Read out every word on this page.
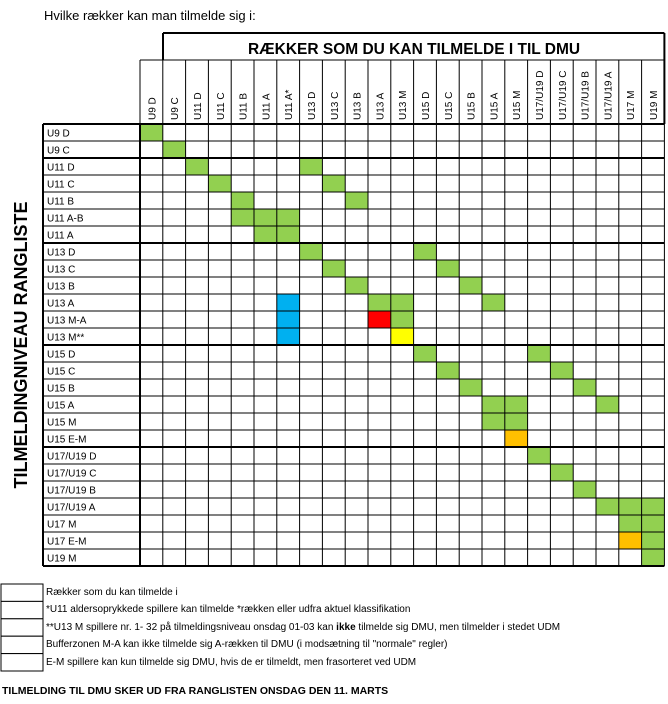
Hvilke rækker kan man tilmelde sig i:
RÆKKER SOM DU KAN TILMELDE I TIL DMU
TILMELDINGNIVEAU RANGLISTE
U9 D U9 C U11 D U11 C U11 B U11 A U11 A* U13 D U13 C U13 B U13 A U13 M U15 D U15 C U15 B U15 A U15 M U17/U19 D U17/U19 C U17/U19 B U17/U19 A U17 M U19 M
U9 D
U9 C
U11 D
U11 C
U11 B
U11 A-B
U11 A
U13 D
U13 C
U13 B
U13 A
U13 M-A
U13 M**
U15 D
U15 C
U15 B
U15 A
U15 M
U15 E-M
U17/U19 D
U17/U19 C
U17/U19 B
U17/U19 A
U17 M
U17 E-M
U19 M
Rækker som du kan tilmelde i
*U11 aldersoprykkede spillere kan tilmelde *rækken eller udfra aktuel klassifikation
**U13 M spillere nr. 1- 32 på tilmeldingsniveau onsdag 01-03 kan ikke tilmelde sig DMU, men tilmelder i stedet UDM
Bufferzonen M-A kan ikke tilmelde sig A-rækken til DMU (i modsætning til "normale" regler)
E-M spillere kan kun tilmelde sig DMU, hvis de er tilmeldt, men frasorteret ved UDM
TILMELDING TIL DMU SKER UD FRA RANGLISTEN ONSDAG DEN 11. MARTS
